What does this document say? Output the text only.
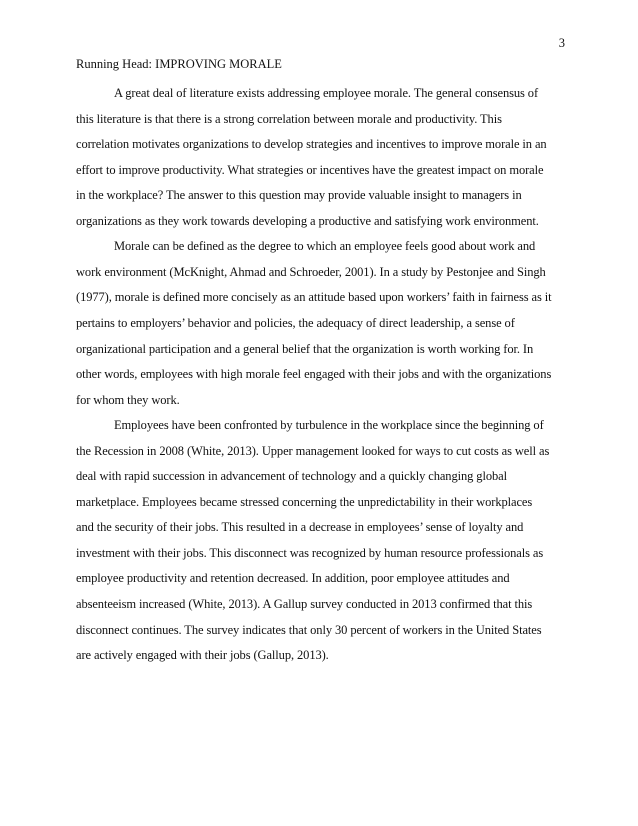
3
Running Head: IMPROVING MORALE
A great deal of literature exists addressing employee morale. The general consensus of
this literature is that there is a strong correlation between morale and productivity. This
correlation motivates organizations to develop strategies and incentives to improve morale in an
effort to improve productivity. What strategies or incentives have the greatest impact on morale
in the workplace? The answer to this question may provide valuable insight to managers in
organizations as they work towards developing a productive and satisfying work environment.
Morale can be defined as the degree to which an employee feels good about work and
work environment (McKnight, Ahmad and Schroeder, 2001). In a study by Pestonjee and Singh
(1977), morale is defined more concisely as an attitude based upon workers’ faith in fairness as it
pertains to employers’ behavior and policies, the adequacy of direct leadership, a sense of
organizational participation and a general belief that the organization is worth working for. In
other words, employees with high morale feel engaged with their jobs and with the organizations
for whom they work.
Employees have been confronted by turbulence in the workplace since the beginning of
the Recession in 2008 (White, 2013). Upper management looked for ways to cut costs as well as
deal with rapid succession in advancement of technology and a quickly changing global
marketplace. Employees became stressed concerning the unpredictability in their workplaces
and the security of their jobs. This resulted in a decrease in employees’ sense of loyalty and
investment with their jobs. This disconnect was recognized by human resource professionals as
employee productivity and retention decreased. In addition, poor employee attitudes and
absenteeism increased (White, 2013). A Gallup survey conducted in 2013 confirmed that this
disconnect continues. The survey indicates that only 30 percent of workers in the United States
are actively engaged with their jobs (Gallup, 2013).
